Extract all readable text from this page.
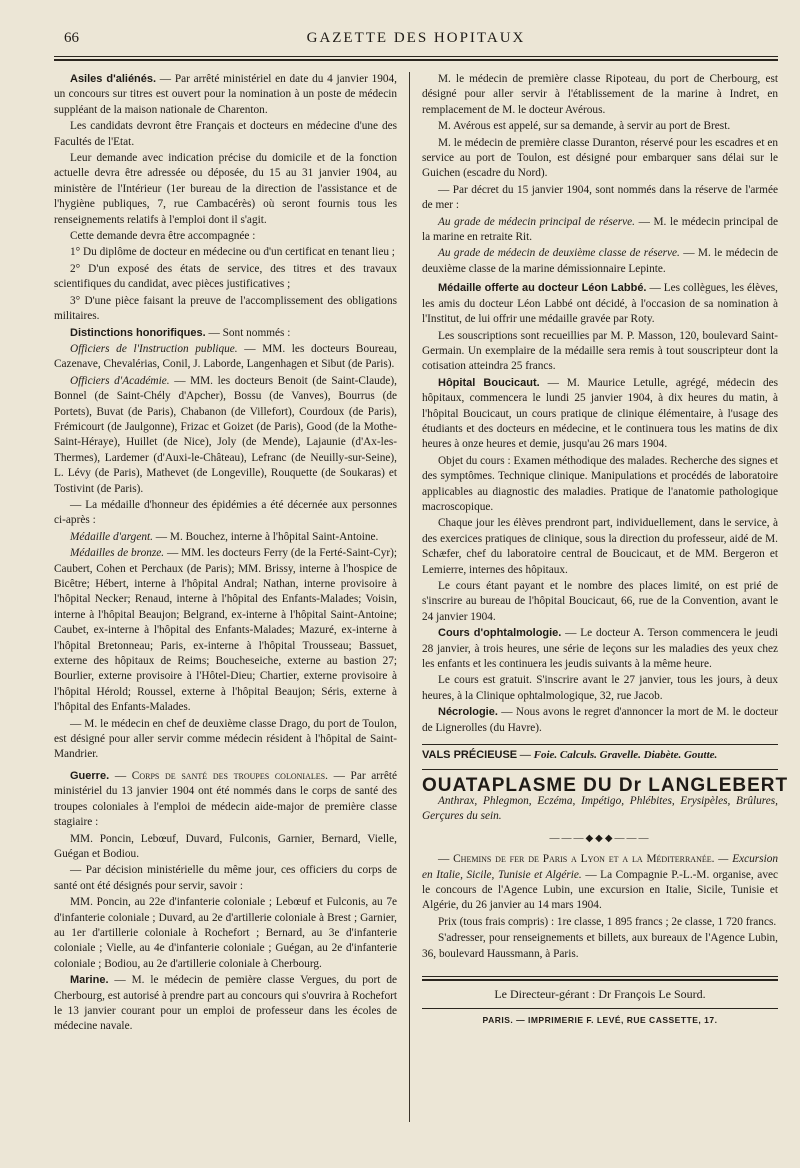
66	GAZETTE DES HOPITAUX

Asiles d'aliénés. — Par arrêté ministériel en date du 4 janvier 1904, un concours sur titres est ouvert pour la nomination à un poste de médecin suppléant de la maison nationale de Charenton.

Les candidats devront être Français et docteurs en médecine d'une des Facultés de l'Etat.

Leur demande avec indication précise du domicile et de la fonction actuelle devra être adressée ou déposée, du 15 au 31 janvier 1904, au ministère de l'Intérieur (1er bureau de la direction de l'assistance et de l'hygiène publiques, 7, rue Cambacérès) où seront fournis tous les renseignements relatifs à l'emploi dont il s'agit.

Cette demande devra être accompagnée :

1° Du diplôme de docteur en médecine ou d'un certificat en tenant lieu ;

2° D'un exposé des états de service, des titres et des travaux scientifiques du candidat, avec pièces justificatives ;

3° D'une pièce faisant la preuve de l'accomplissement des obligations militaires.

Distinctions honorifiques. — Sont nommés :

Officiers de l'Instruction publique. — MM. les docteurs Boureau, Cazenave, Chevalérias, Conil, J. Laborde, Langenhagen et Sibut (de Paris).

Officiers d'Académie. — MM. les docteurs Benoit (de Saint-Claude), Bonnel (de Saint-Chély d'Apcher), Bossu (de Vanves), Bourrus (de Portets), Buvat (de Paris), Chabanon (de Villefort), Courdoux (de Paris), Frémicourt (de Jaulgonne), Frizac et Goizet (de Paris), Good (de la Mothe-Saint-Héraye), Huillet (de Nice), Joly (de Mende), Lajaunie (d'Ax-les-Thermes), Lardemer (d'Auxi-le-Château), Lefranc (de Neuilly-sur-Seine), L. Lévy (de Paris), Mathevet (de Longeville), Rouquette (de Soukaras) et Tostivint (de Paris).

— La médaille d'honneur des épidémies a été décernée aux personnes ci-après :

Médaille d'argent. — M. Bouchez, interne à l'hôpital Saint-Antoine.

Médailles de bronze. — MM. les docteurs Ferry (de la Ferté-Saint-Cyr); Caubert, Cohen et Perchaux (de Paris); MM. Brissy, interne à l'hospice de Bicêtre; Hébert, interne à l'hôpital Andral; Nathan, interne provisoire à l'hôpital Necker; Renaud, interne à l'hôpital des Enfants-Malades; Voisin, interne à l'hôpital Beaujon; Belgrand, ex-interne à l'hôpital Saint-Antoine; Caubet, ex-interne à l'hôpital des Enfants-Malades; Mazuré, ex-interne à l'hôpital Bretonneau; Paris, ex-interne à l'hôpital Trousseau; Bassuet, externe des hôpitaux de Reims; Boucheseiche, externe au bastion 27; Bourlier, externe provisoire à l'Hôtel-Dieu; Chartier, externe provisoire à l'hôpital Hérold; Roussel, externe à l'hôpital Beaujon; Séris, externe à l'hôpital des Enfants-Malades.

— M. le médecin en chef de deuxième classe Drago, du port de Toulon, est désigné pour aller servir comme médecin résident à l'hôpital de Saint-Mandrier.

Guerre. — Corps de santé des troupes coloniales. — Par arrêté ministériel du 13 janvier 1904 ont été nommés dans le corps de santé des troupes coloniales à l'emploi de médecin aide-major de première classe stagiaire :

MM. Poncin, Lebœuf, Duvard, Fulconis, Garnier, Bernard, Vielle, Guégan et Bodiou.

— Par décision ministérielle du même jour, ces officiers du corps de santé ont été désignés pour servir, savoir :

MM. Poncin, au 22e d'infanterie coloniale ; Lebœuf et Fulconis, au 7e d'infanterie coloniale ; Duvard, au 2e d'artillerie coloniale à Brest ; Garnier, au 1er d'artillerie coloniale à Rochefort ; Bernard, au 3e d'infanterie coloniale ; Vielle, au 4e d'infanterie coloniale ; Guégan, au 2e d'infanterie coloniale ; Bodiou, au 2e d'artillerie coloniale à Cherbourg.

Marine. — M. le médecin de pemière classe Vergues, du port de Cherbourg, est autorisé à prendre part au concours qui s'ouvrira à Rochefort le 13 janvier courant pour un emploi de professeur dans les écoles de médecine navale.

M. le médecin de première classe Ripoteau, du port de Cherbourg, est désigné pour aller servir à l'établissement de la marine à Indret, en remplacement de M. le docteur Avérous.

M. Avérous est appelé, sur sa demande, à servir au port de Brest.

M. le médecin de première classe Duranton, réservé pour les escadres et en service au port de Toulon, est désigné pour embarquer sans délai sur le Guichen (escadre du Nord).

— Par décret du 15 janvier 1904, sont nommés dans la réserve de l'armée de mer :

Au grade de médecin principal de réserve. — M. le médecin principal de la marine en retraite Rit.

Au grade de médecin de deuxième classe de réserve. — M. le médecin de deuxième classe de la marine démissionnaire Lepinte.

Médaille offerte au docteur Léon Labbé. — Les collègues, les élèves, les amis du docteur Léon Labbé ont décidé, à l'occasion de sa nomination à l'Institut, de lui offrir une médaille gravée par Roty.

Les souscriptions sont recueillies par M. P. Masson, 120, boulevard Saint-Germain. Un exemplaire de la médaille sera remis à tout souscripteur dont la cotisation atteindra 25 francs.

Hôpital Boucicaut. — M. Maurice Letulle, agrégé, médecin des hôpitaux, commencera le lundi 25 janvier 1904, à dix heures du matin, à l'hôpital Boucicaut, un cours pratique de clinique élémentaire, à l'usage des étudiants et des docteurs en médecine, et le continuera tous les matins de dix heures à onze heures et demie, jusqu'au 26 mars 1904.

Objet du cours : Examen méthodique des malades. Recherche des signes et des symptômes. Technique clinique. Manipulations et procédés de laboratoire applicables au diagnostic des maladies. Pratique de l'anatomie pathologique macroscopique.

Chaque jour les élèves prendront part, individuellement, dans le service, à des exercices pratiques de clinique, sous la direction du professeur, aidé de M. Schæfer, chef du laboratoire central de Boucicaut, et de MM. Bergeron et Lemierre, internes des hôpitaux.

Le cours étant payant et le nombre des places limité, on est prié de s'inscrire au bureau de l'hôpital Boucicaut, 66, rue de la Convention, avant le 24 janvier 1904.

Cours d'ophtalmologie. — Le docteur A. Terson commencera le jeudi 28 janvier, à trois heures, une série de leçons sur les maladies des yeux chez les enfants et les continuera les jeudis suivants à la même heure.

Le cours est gratuit. S'inscrire avant le 27 janvier, tous les jours, à deux heures, à la Clinique ophtalmologique, 32, rue Jacob.

Nécrologie. — Nous avons le regret d'annoncer la mort de M. le docteur de Lignerolles (du Havre).

VALS PRÉCIEUSE — Foie. Calculs. Gravelle. Diabète. Goutte.

OUATAPLASME DU Dr LANGLEBERT

Anthrax, Phlegmon, Eczéma, Impétigo, Phlébites, Erysipèles, Brûlures, Gerçures du sein.

———◆◆◆———

— Chemins de fer de Paris a Lyon et a la Méditerranée. — Excursion en Italie, Sicile, Tunisie et Algérie. — La Compagnie P.-L.-M. organise, avec le concours de l'Agence Lubin, une excursion en Italie, Sicile, Tunisie et Algérie, du 26 janvier au 14 mars 1904.

Prix (tous frais compris) : 1re classe, 1 895 francs ; 2e classe, 1 720 francs.

S'adresser, pour renseignements et billets, aux bureaux de l'Agence Lubin, 36, boulevard Haussmann, à Paris.

Le Directeur-gérant : Dr François Le Sourd.
PARIS. — IMPRIMERIE F. LEVÉ, RUE CASSETTE, 17.
